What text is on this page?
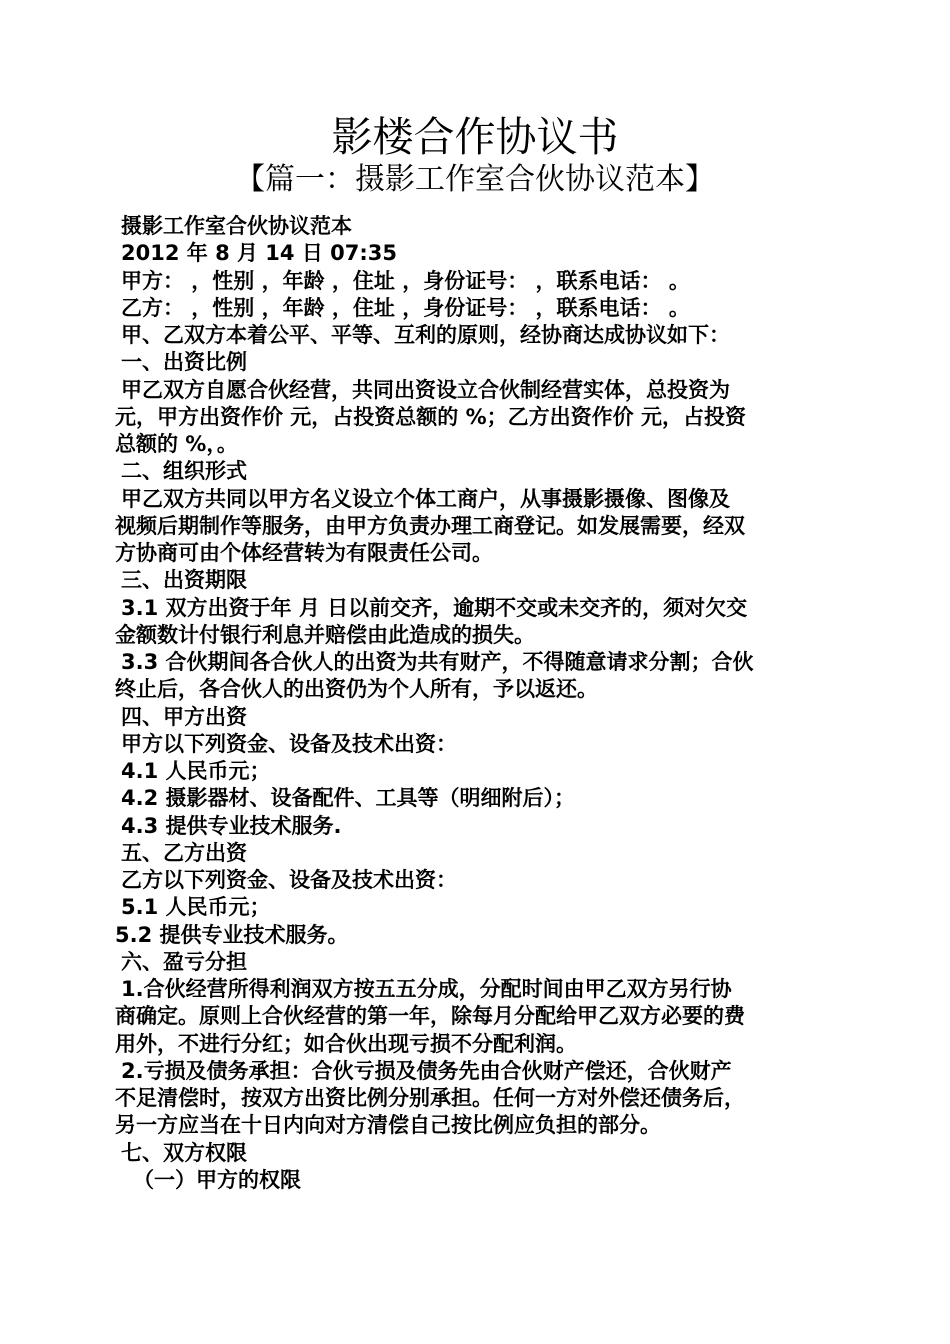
影楼合作协议书
【篇一：摄影工作室合伙协议范本】
摄影工作室合伙协议范本
2012 年 8 月 14 日 07:35
甲方： ，性别 ，年龄 ，住址 ，身份证号： ，联系电话： 。
乙方： ，性别 ，年龄 ，住址 ，身份证号： ，联系电话： 。
甲、乙双方本着公平、平等、互利的原则，经协商达成协议如下：
一、出资比例
甲乙双方自愿合伙经营，共同出资设立合伙制经营实体，总投资为
元，甲方出资作价 元，占投资总额的 %；乙方出资作价 元，占投资
总额的 %，。
二、组织形式
甲乙双方共同以甲方名义设立个体工商户，从事摄影摄像、图像及
视频后期制作等服务，由甲方负责办理工商登记。如发展需要，经双
方协商可由个体经营转为有限责任公司。
三、出资期限
3.1 双方出资于年 月 日以前交齐，逾期不交或未交齐的，须对欠交
金额数计付银行利息并赔偿由此造成的损失。
3.3 合伙期间各合伙人的出资为共有财产，不得随意请求分割；合伙
终止后，各合伙人的出资仍为个人所有，予以返还。
四、甲方出资
甲方以下列资金、设备及技术出资：
4.1 人民币元；
4.2 摄影器材、设备配件、工具等（明细附后）；
4.3 提供专业技术服务.
五、乙方出资
乙方以下列资金、设备及技术出资：
5.1 人民币元；
5.2 提供专业技术服务。
六、盈亏分担
1.合伙经营所得利润双方按五五分成，分配时间由甲乙双方另行协
商确定。原则上合伙经营的第一年，除每月分配给甲乙双方必要的费
用外，不进行分红；如合伙出现亏损不分配利润。
2.亏损及债务承担：合伙亏损及债务先由合伙财产偿还，合伙财产
不足清偿时，按双方出资比例分别承担。任何一方对外偿还债务后，
另一方应当在十日内向对方清偿自己按比例应负担的部分。
七、双方权限
（一）甲方的权限
